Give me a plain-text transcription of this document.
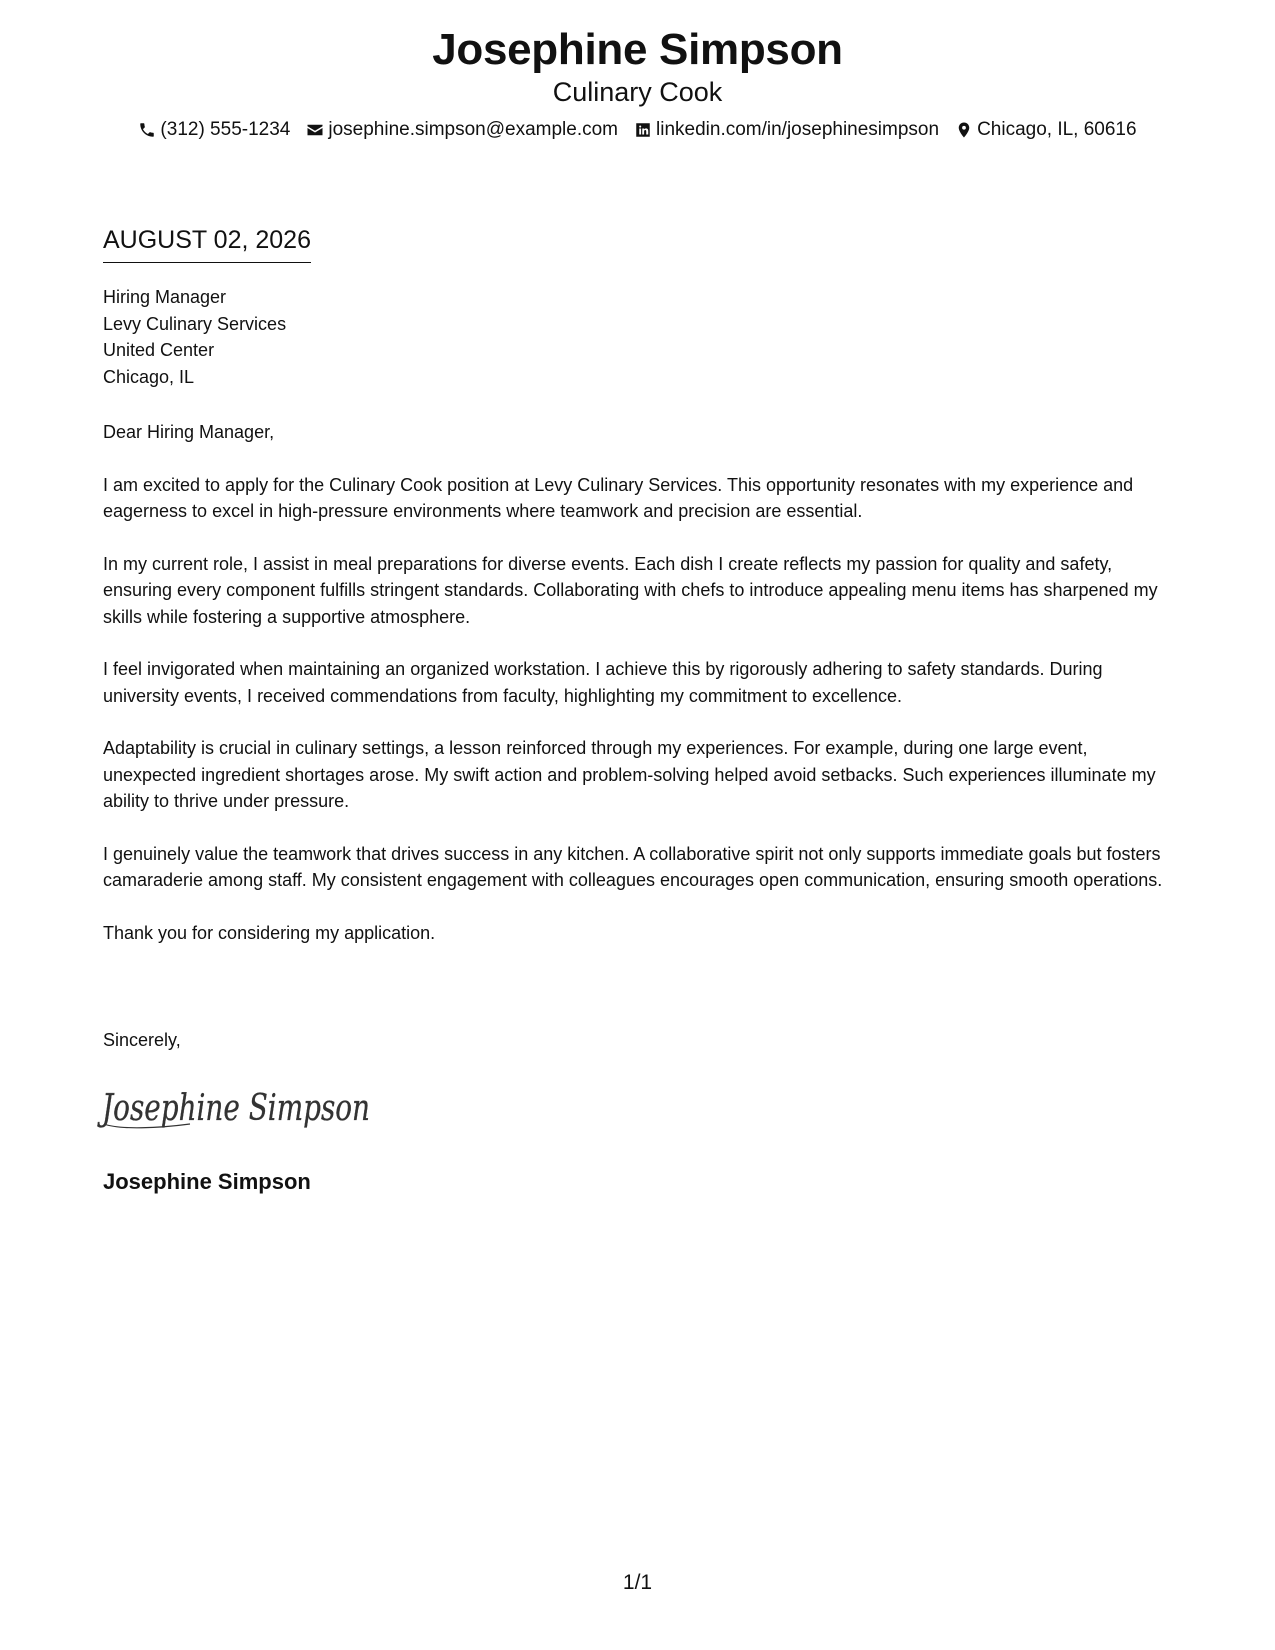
Josephine Simpson
Culinary Cook
(312) 555-1234 josephine.simpson@example.com linkedin.com/in/josephinesimpson Chicago, IL, 60616
AUGUST 02, 2026
Hiring Manager
Levy Culinary Services
United Center
Chicago, IL

Dear Hiring Manager,

I am excited to apply for the Culinary Cook position at Levy Culinary Services. This opportunity resonates with my experience and eagerness to excel in high-pressure environments where teamwork and precision are essential.

In my current role, I assist in meal preparations for diverse events. Each dish I create reflects my passion for quality and safety, ensuring every component fulfills stringent standards. Collaborating with chefs to introduce appealing menu items has sharpened my skills while fostering a supportive atmosphere.

I feel invigorated when maintaining an organized workstation. I achieve this by rigorously adhering to safety standards. During university events, I received commendations from faculty, highlighting my commitment to excellence.

Adaptability is crucial in culinary settings, a lesson reinforced through my experiences. For example, during one large event, unexpected ingredient shortages arose. My swift action and problem-solving helped avoid setbacks. Such experiences illuminate my ability to thrive under pressure.

I genuinely value the teamwork that drives success in any kitchen. A collaborative spirit not only supports immediate goals but fosters camaraderie among staff. My consistent engagement with colleagues encourages open communication, ensuring smooth operations.

Thank you for considering my application.

Sincerely,
Josephine Simpson
Josephine Simpson
1/1
